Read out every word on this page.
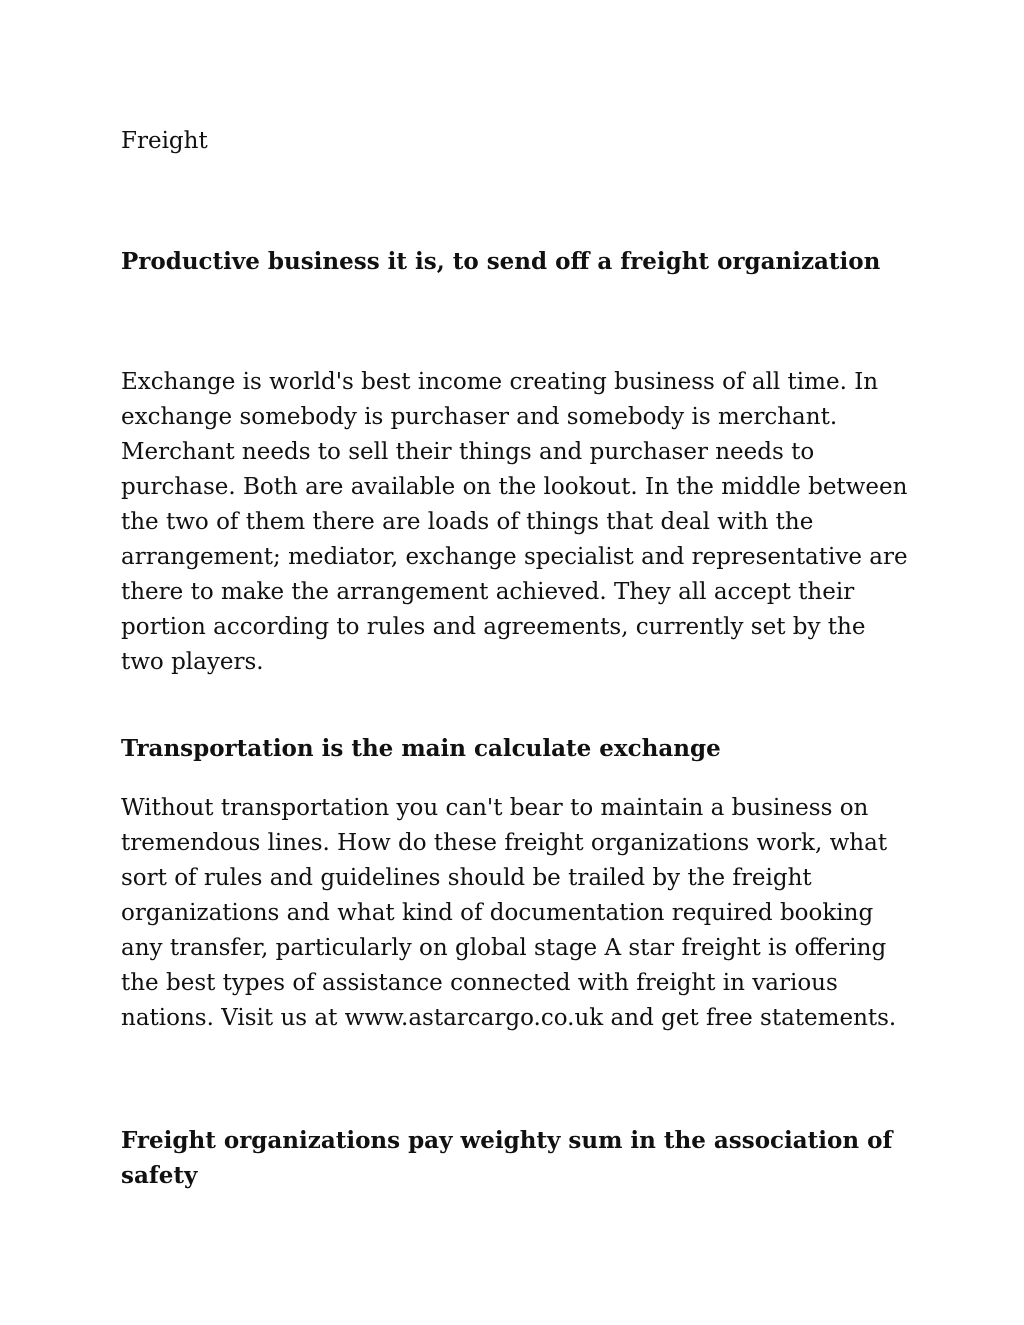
Freight

Productive business it is, to send off a freight organization

Exchange is world's best income creating business of all time. In exchange somebody is purchaser and somebody is merchant. Merchant needs to sell their things and purchaser needs to purchase. Both are available on the lookout. In the middle between the two of them there are loads of things that deal with the arrangement; mediator, exchange specialist and representative are there to make the arrangement achieved. They all accept their portion according to rules and agreements, currently set by the two players.

Transportation is the main calculate exchange

Without transportation you can't bear to maintain a business on tremendous lines. How do these freight organizations work, what sort of rules and guidelines should be trailed by the freight organizations and what kind of documentation required booking any transfer, particularly on global stage A star freight is offering the best types of assistance connected with freight in various nations. Visit us at www.astarcargo.co.uk and get free statements.

Freight organizations pay weighty sum in the association of safety
